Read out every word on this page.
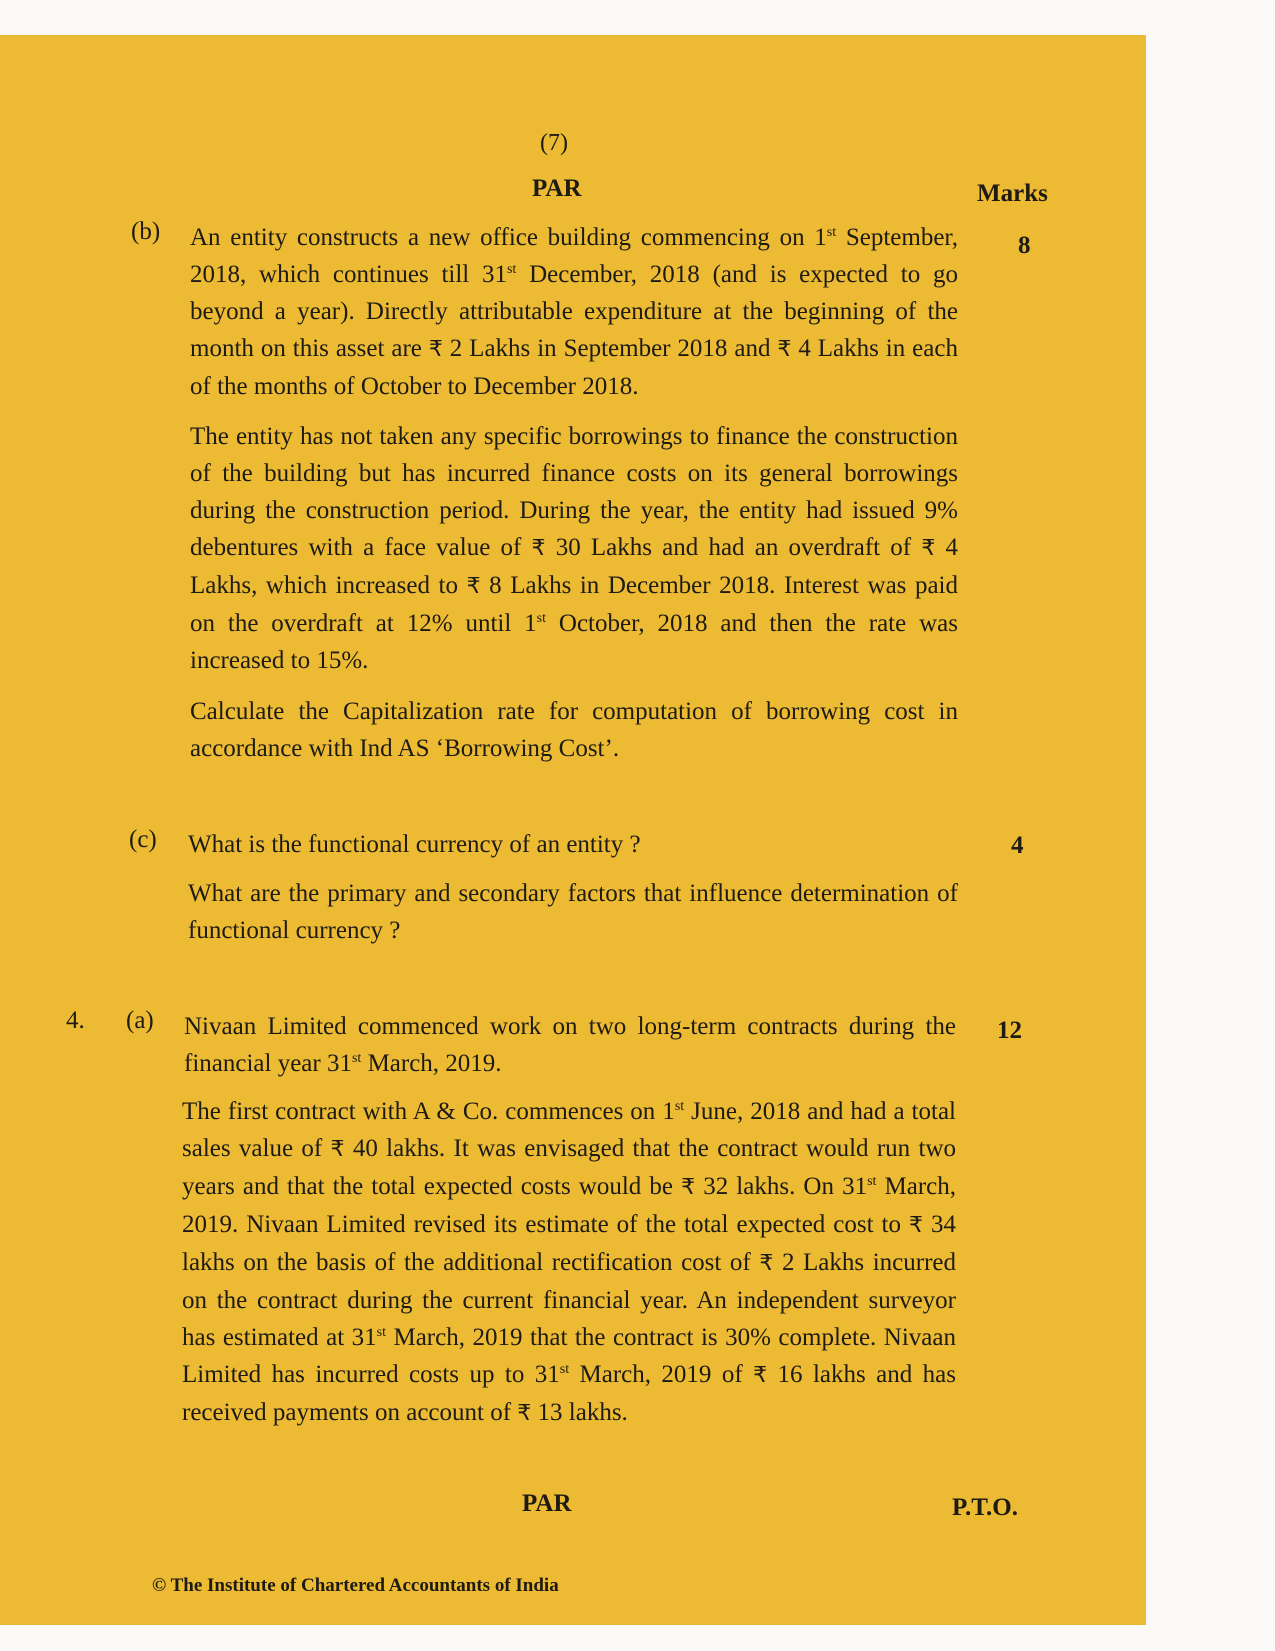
(7)
PAR	Marks
(b)
8
An entity constructs a new office building commencing on 1st September, 2018, which continues till 31st December, 2018 (and is expected to go beyond a year). Directly attributable expenditure at the beginning of the month on this asset are ₹ 2 Lakhs in September 2018 and ₹ 4 Lakhs in each of the months of October to December 2018.
The entity has not taken any specific borrowings to finance the construction of the building but has incurred finance costs on its general borrowings during the construction period. During the year, the entity had issued 9% debentures with a face value of ₹ 30 Lakhs and had an overdraft of ₹ 4 Lakhs, which increased to ₹ 8 Lakhs in December 2018. Interest was paid on the overdraft at 12% until 1st October, 2018 and then the rate was increased to 15%.
Calculate the Capitalization rate for computation of borrowing cost in accordance with Ind AS ‘Borrowing Cost’.
(c)	4
What is the functional currency of an entity ?
What are the primary and secondary factors that influence determination of functional currency ?
4. (a)	12
Nivaan Limited commenced work on two long-term contracts during the financial year 31st March, 2019.
The first contract with A & Co. commences on 1st June, 2018 and had a total sales value of ₹ 40 lakhs. It was envisaged that the contract would run two years and that the total expected costs would be ₹ 32 lakhs. On 31st March, 2019. Nivaan Limited revised its estimate of the total expected cost to ₹ 34 lakhs on the basis of the additional rectification cost of ₹ 2 Lakhs incurred on the contract during the current financial year. An independent surveyor has estimated at 31st March, 2019 that the contract is 30% complete. Nivaan Limited has incurred costs up to 31st March, 2019 of ₹ 16 lakhs and has received payments on account of ₹ 13 lakhs.
PAR	P.T.O.
© The Institute of Chartered Accountants of India
